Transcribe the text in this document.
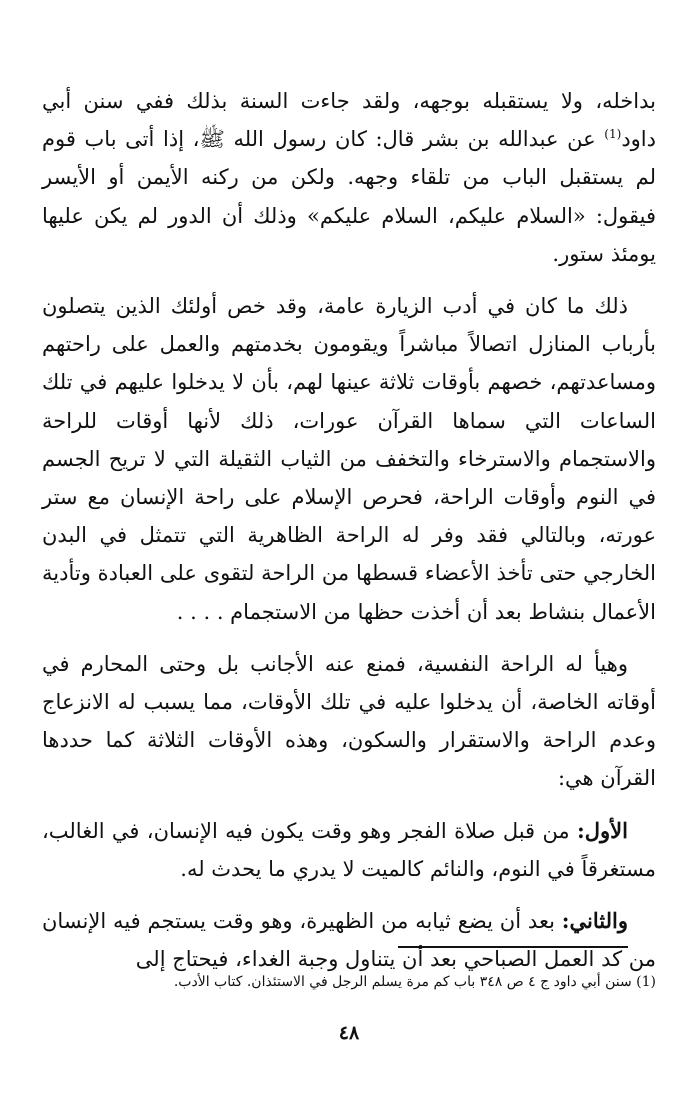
بداخله، ولا يستقبله بوجهه، ولقد جاءت السنة بذلك ففي سنن أبي داود$^{(1)}$ عن عبدالله بن بشر قال: كان رسول الله ﷺ، إذا أتى باب قوم لم يستقبل الباب من تلقاء وجهه. ولكن من ركنه الأيمن أو الأيسر فيقول: «السلام عليكم، السلام عليكم» وذلك أن الدور لم يكن عليها يومئذ ستور.

ذلك ما كان في أدب الزيارة عامة، وقد خص أولئك الذين يتصلون بأرباب المنازل اتصالاً مباشراً ويقومون بخدمتهم والعمل على راحتهم ومساعدتهم، خصهم بأوقات ثلاثة عينها لهم، بأن لا يدخلوا عليهم في تلك الساعات التي سماها القرآن عورات، ذلك لأنها أوقات للراحة والاستجمام والاسترخاء والتخفف من الثياب الثقيلة التي لا تريح الجسم في النوم وأوقات الراحة، فحرص الإسلام على راحة الإنسان مع ستر عورته، وبالتالي فقد وفر له الراحة الظاهرية التي تتمثل في البدن الخارجي حتى تأخذ الأعضاء قسطها من الراحة لتقوى على العبادة وتأدية الأعمال بنشاط بعد أن أخذت حظها من الاستجمام . . . .

وهيأ له الراحة النفسية، فمنع عنه الأجانب بل وحتى المحارم في أوقاته الخاصة، أن يدخلوا عليه في تلك الأوقات، مما يسبب له الانزعاج وعدم الراحة والاستقرار والسكون، وهذه الأوقات الثلاثة كما حددها القرآن هي:

الأول: من قبل صلاة الفجر وهو وقت يكون فيه الإنسان، في الغالب، مستغرقاً في النوم، والنائم كالميت لا يدري ما يحدث له.

والثاني: بعد أن يضع ثيابه من الظهيرة، وهو وقت يستجم فيه الإنسان من كد العمل الصباحي بعد أن يتناول وجبة الغداء، فيحتاج إلى

(1) سنن أبي داود ج ٤ ص ٣٤٨ باب كم مرة يسلم الرجل في الاستئذان. كتاب الأدب.
٤٨
